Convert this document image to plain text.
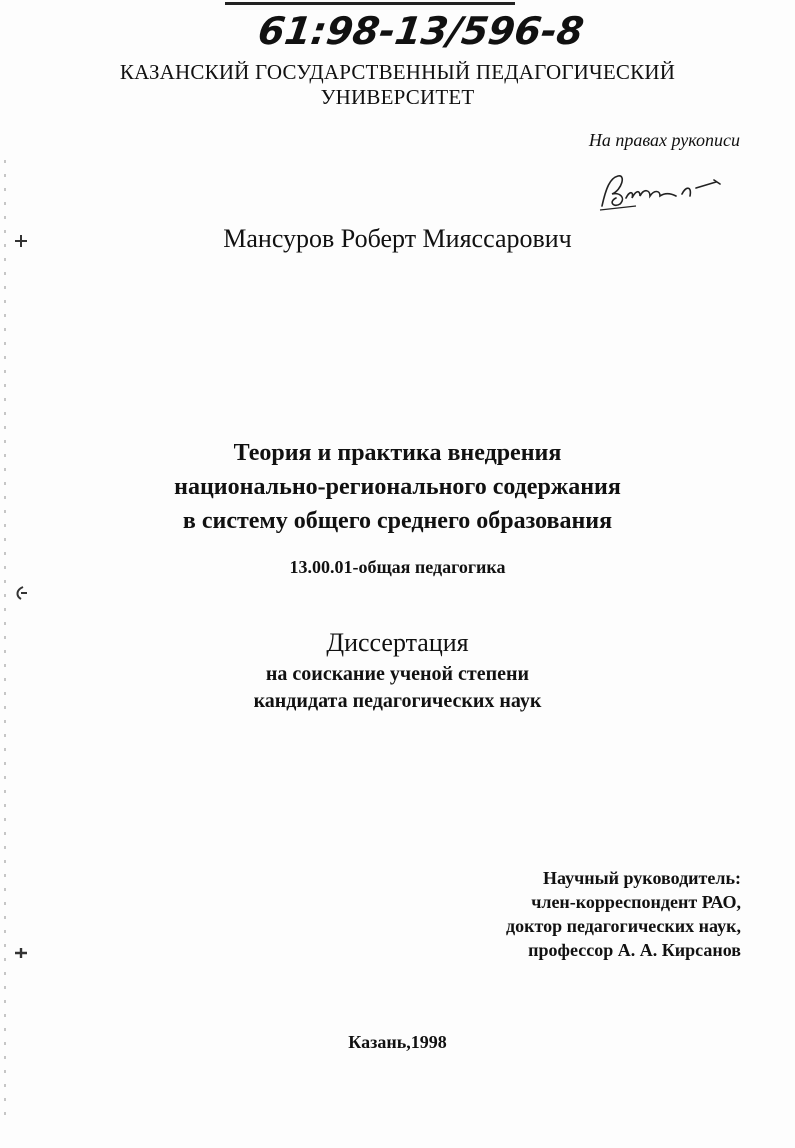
61:98-13/596-8
КАЗАНСКИЙ ГОСУДАРСТВЕННЫЙ ПЕДАГОГИЧЕСКИЙ
УНИВЕРСИТЕТ
На правах рукописи
Мансуров Роберт Мияссарович
Теория и практика внедрения
национально-регионального содержания
в систему общего среднего образования
13.00.01-общая педагогика
Диссертация
на соискание ученой степени
кандидата педагогических наук
Научный руководитель:
член-корреспондент РАО,
доктор педагогических наук,
профессор А. А. Кирсанов
Казань,1998
